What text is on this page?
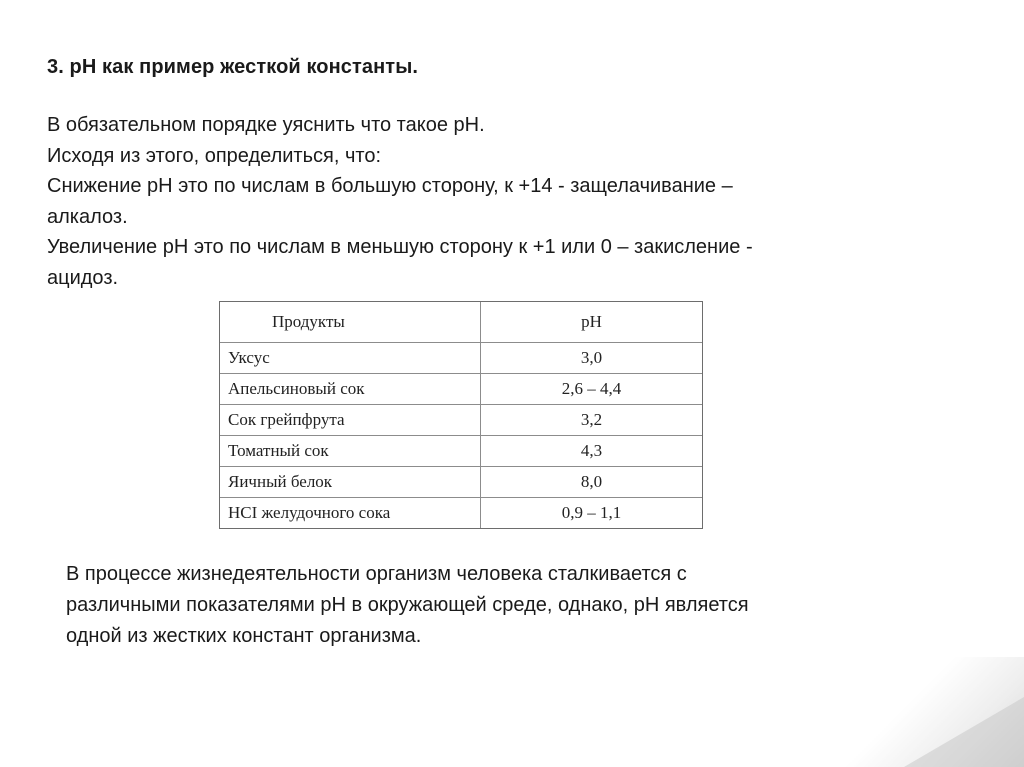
3. рН как пример жесткой константы.
В обязательном порядке уяснить что такое рН.
Исходя из этого, определиться, что:
Снижение рН это по числам в большую сторону, к +14 - защелачивание –
алкалоз.
Увеличение рН это по числам в меньшую сторону к +1 или 0 – закисление -
ацидоз.
Продукты	pH
Уксус	3,0
Апельсиновый сок	2,6 – 4,4
Сок грейпфрута	3,2
Томатный сок	4,3
Яичный белок	8,0
HCI желудочного сока	0,9 – 1,1
В процессе жизнедеятельности организм человека сталкивается с
различными показателями рН в окружающей среде, однако, рН является
одной из жестких констант организма.
